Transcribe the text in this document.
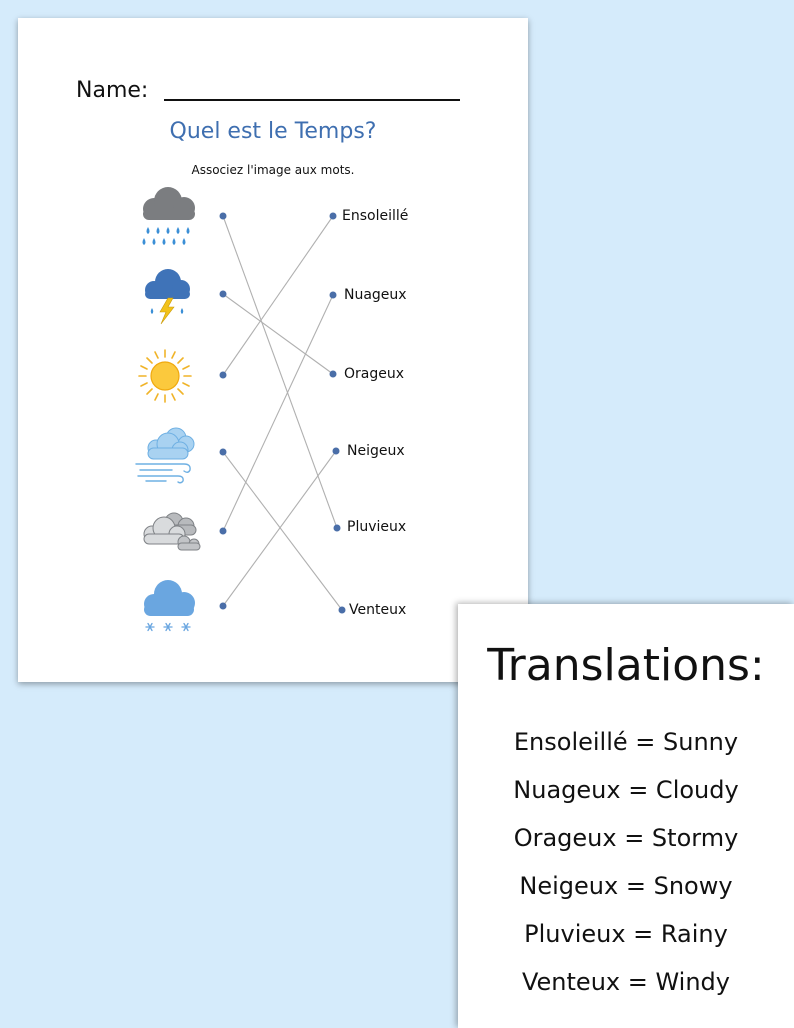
Name:
Quel est le Temps?
Associez l'image aux mots.
Ensoleillé
Nuageux
Orageux
Neigeux
Pluvieux
Venteux
Translations:
Ensoleillé = Sunny
Nuageux = Cloudy
Orageux = Stormy
Neigeux = Snowy
Pluvieux = Rainy
Venteux = Windy
